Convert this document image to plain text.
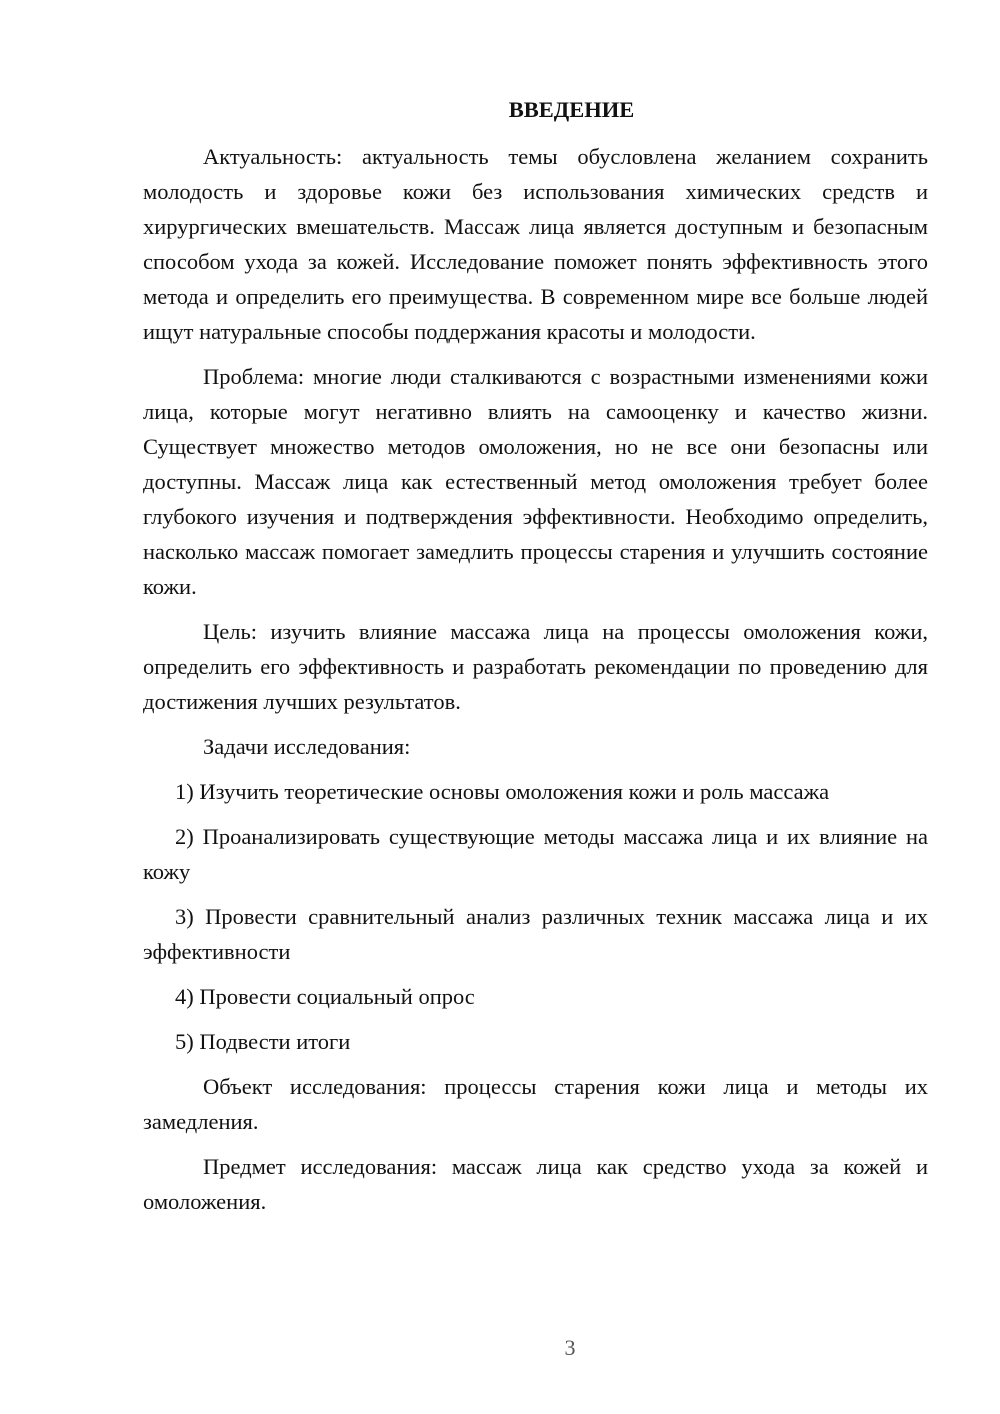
ВВЕДЕНИЕ

Актуальность: актуальность темы обусловлена желанием сохранить молодость и здоровье кожи без использования химических средств и хирургических вмешательств. Массаж лица является доступным и безопасным способом ухода за кожей. Исследование поможет понять эффективность этого метода и определить его преимущества. В современном мире все больше людей ищут натуральные способы поддержания красоты и молодости.

Проблема: многие люди сталкиваются с возрастными изменениями кожи лица, которые могут негативно влиять на самооценку и качество жизни. Существует множество методов омоложения, но не все они безопасны или доступны. Массаж лица как естественный метод омоложения требует более глубокого изучения и подтверждения эффективности. Необходимо определить, насколько массаж помогает замедлить процессы старения и улучшить состояние кожи.

Цель: изучить влияние массажа лица на процессы омоложения кожи, определить его эффективность и разработать рекомендации по проведению для достижения лучших результатов.

Задачи исследования:

1) Изучить теоретические основы омоложения кожи и роль массажа

2) Проанализировать существующие методы массажа лица и их влияние на кожу

3) Провести сравнительный анализ различных техник массажа лица и их эффективности

4) Провести социальный опрос

5) Подвести итоги

Объект исследования: процессы старения кожи лица и методы их замедления.

Предмет исследования: массаж лица как средство ухода за кожей и омоложения.

3
